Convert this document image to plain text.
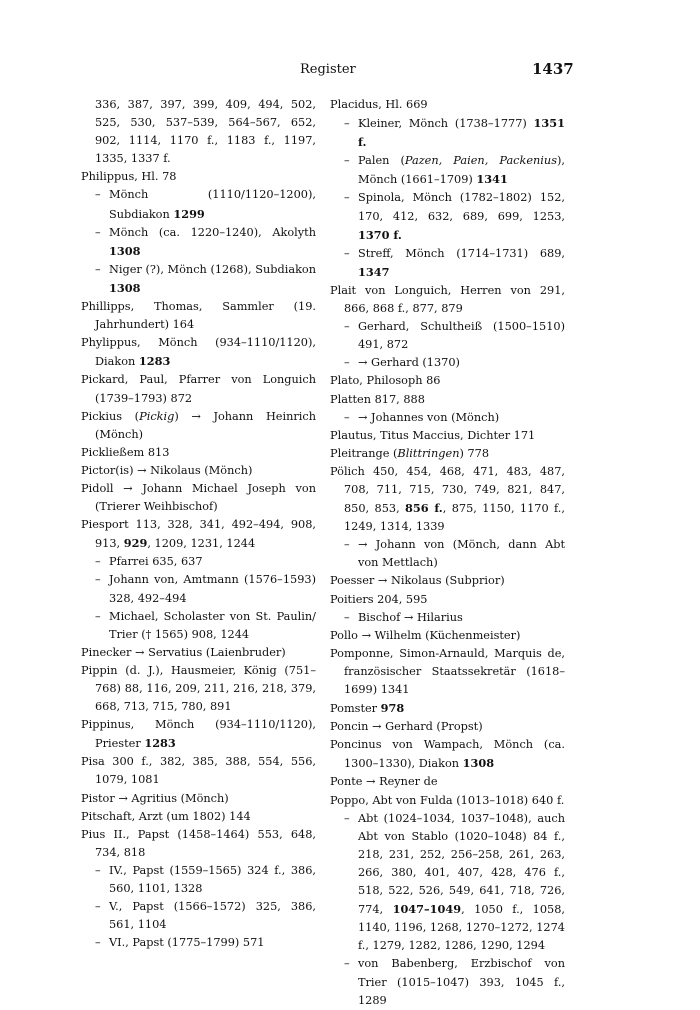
Register	1437

336, 387, 397, 399, 409, 494, 502, 525, 530, 537–539, 564–567, 652, 902, 1114, 1170 f., 1183 f., 1197, 1335, 1337 f.

Philippus, Hl. 78

– Mönch (1110/1120–1200), Subdiakon 1299

– Mönch (ca. 1220–1240), Akolyth 1308

– Niger (?), Mönch (1268), Subdiakon 1308

Phillipps, Thomas, Sammler (19. Jahrhundert) 164

Phylippus, Mönch (934–1110/1120), Diakon 1283

Pickard, Paul, Pfarrer von Longuich (1739–1793) 872

Pickius (Pickig) → Johann Heinrich (Mönch)

Pickließem 813

Pictor(is) → Nikolaus (Mönch)

Pidoll → Johann Michael Joseph von (Trierer Weihbischof)

Piesport 113, 328, 341, 492–494, 908, 913, 929, 1209, 1231, 1244

– Pfarrei 635, 637

– Johann von, Amtmann (1576–1593) 328, 492–494

– Michael, Scholaster von St. Paulin/ Trier († 1565) 908, 1244

Pinecker → Servatius (Laienbruder)

Pippin (d. J.), Hausmeier, König (751–768) 88, 116, 209, 211, 216, 218, 379, 668, 713, 715, 780, 891

Pippinus, Mönch (934–1110/1120), Priester 1283

Pisa 300 f., 382, 385, 388, 554, 556, 1079, 1081

Pistor → Agritius (Mönch)

Pitschaft, Arzt (um 1802) 144

Pius II., Papst (1458–1464) 553, 648, 734, 818

– IV., Papst (1559–1565) 324 f., 386, 560, 1101, 1328

– V., Papst (1566–1572) 325, 386, 561, 1104

– VI., Papst (1775–1799) 571

Placidus, Hl. 669

– Kleiner, Mönch (1738–1777) 1351 f.

– Palen (Pazen, Paien, Packenius), Mönch (1661–1709) 1341

– Spinola, Mönch (1782–1802) 152, 170, 412, 632, 689, 699, 1253, 1370 f.

– Streff, Mönch (1714–1731) 689, 1347

Plait von Longuich, Herren von 291, 866, 868 f., 877, 879

– Gerhard, Schultheiß (1500–1510) 491, 872

– → Gerhard (1370)

Plato, Philosoph 86

Platten 817, 888

– → Johannes von (Mönch)

Plautus, Titus Maccius, Dichter 171

Pleitrange (Blittringen) 778

Pölich 450, 454, 468, 471, 483, 487, 708, 711, 715, 730, 749, 821, 847, 850, 853, 856 f., 875, 1150, 1170 f., 1249, 1314, 1339

– → Johann von (Mönch, dann Abt von Mettlach)

Poesser → Nikolaus (Subprior)

Poitiers 204, 595

– Bischof → Hilarius

Pollo → Wilhelm (Küchenmeister)

Pomponne, Simon-Arnauld, Marquis de, französischer Staatssekretär (1618–1699) 1341

Pomster 978

Poncin → Gerhard (Propst)

Poncinus von Wampach, Mönch (ca. 1300–1330), Diakon 1308

Ponte → Reyner de

Poppo, Abt von Fulda (1013–1018) 640 f.

– Abt (1024–1034, 1037–1048), auch Abt von Stablo (1020–1048) 84 f., 218, 231, 252, 256–258, 261, 263, 266, 380, 401, 407, 428, 476 f., 518, 522, 526, 549, 641, 718, 726, 774, 1047–1049, 1050 f., 1058, 1140, 1196, 1268, 1270–1272, 1274 f., 1279, 1282, 1286, 1290, 1294

– von Babenberg, Erzbischof von Trier (1015–1047) 393, 1045 f., 1289
